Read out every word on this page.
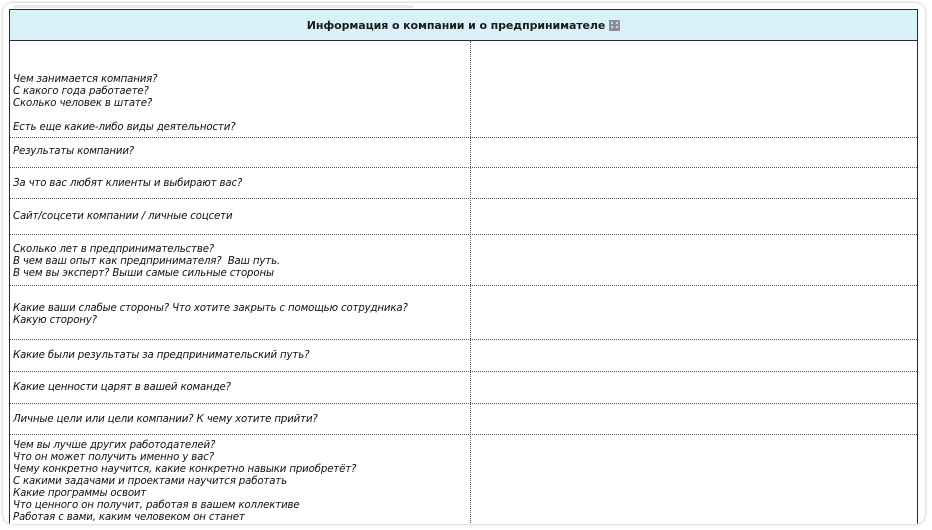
Информация о компании и о предпринимателе
Чем занимается компания?
С какого года работаете?
Сколько человек в штате?

Есть еще какие-либо виды деятельности?
Результаты компании?
За что вас любят клиенты и выбирают вас?
Сайт/соцсети компании / личные соцсети
Сколько лет в предпринимательстве?
В чем ваш опыт как предпринимателя?  Ваш путь.
В чем вы эксперт? Выши самые сильные стороны
Какие ваши слабые стороны? Что хотите закрыть с помощью сотрудника?
Какую сторону?
Какие были результаты за предпринимательский путь?
Какие ценности царят в вашей команде?
Личные цели или цели компании? К чему хотите прийти?
Чем вы лучше других работодателей?
Что он может получить именно у вас?
Чему конкретно научится, какие конкретно навыки приобретёт?
С какими задачами и проектами научится работать
Какие программы освоит
Что ценного он получит, работая в вашем коллективе
Работая с вами, каким человеком он станет
